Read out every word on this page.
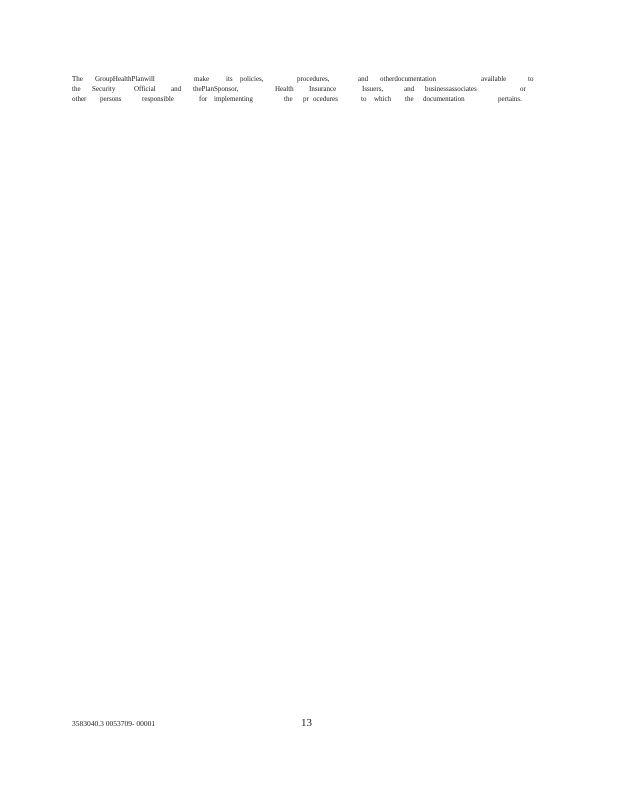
The GroupHealthPlanwill	make its policies,	procedures,	and otherdocumentation	available	to
the Security	Official and thePlanSponsor,	Health Insurance	Issuers,	and businessassociates	or
other persons	responsible	for implementing	the pr ocedures	to which the documentation	pertains.
3583040.3 0053709- 00001	13
